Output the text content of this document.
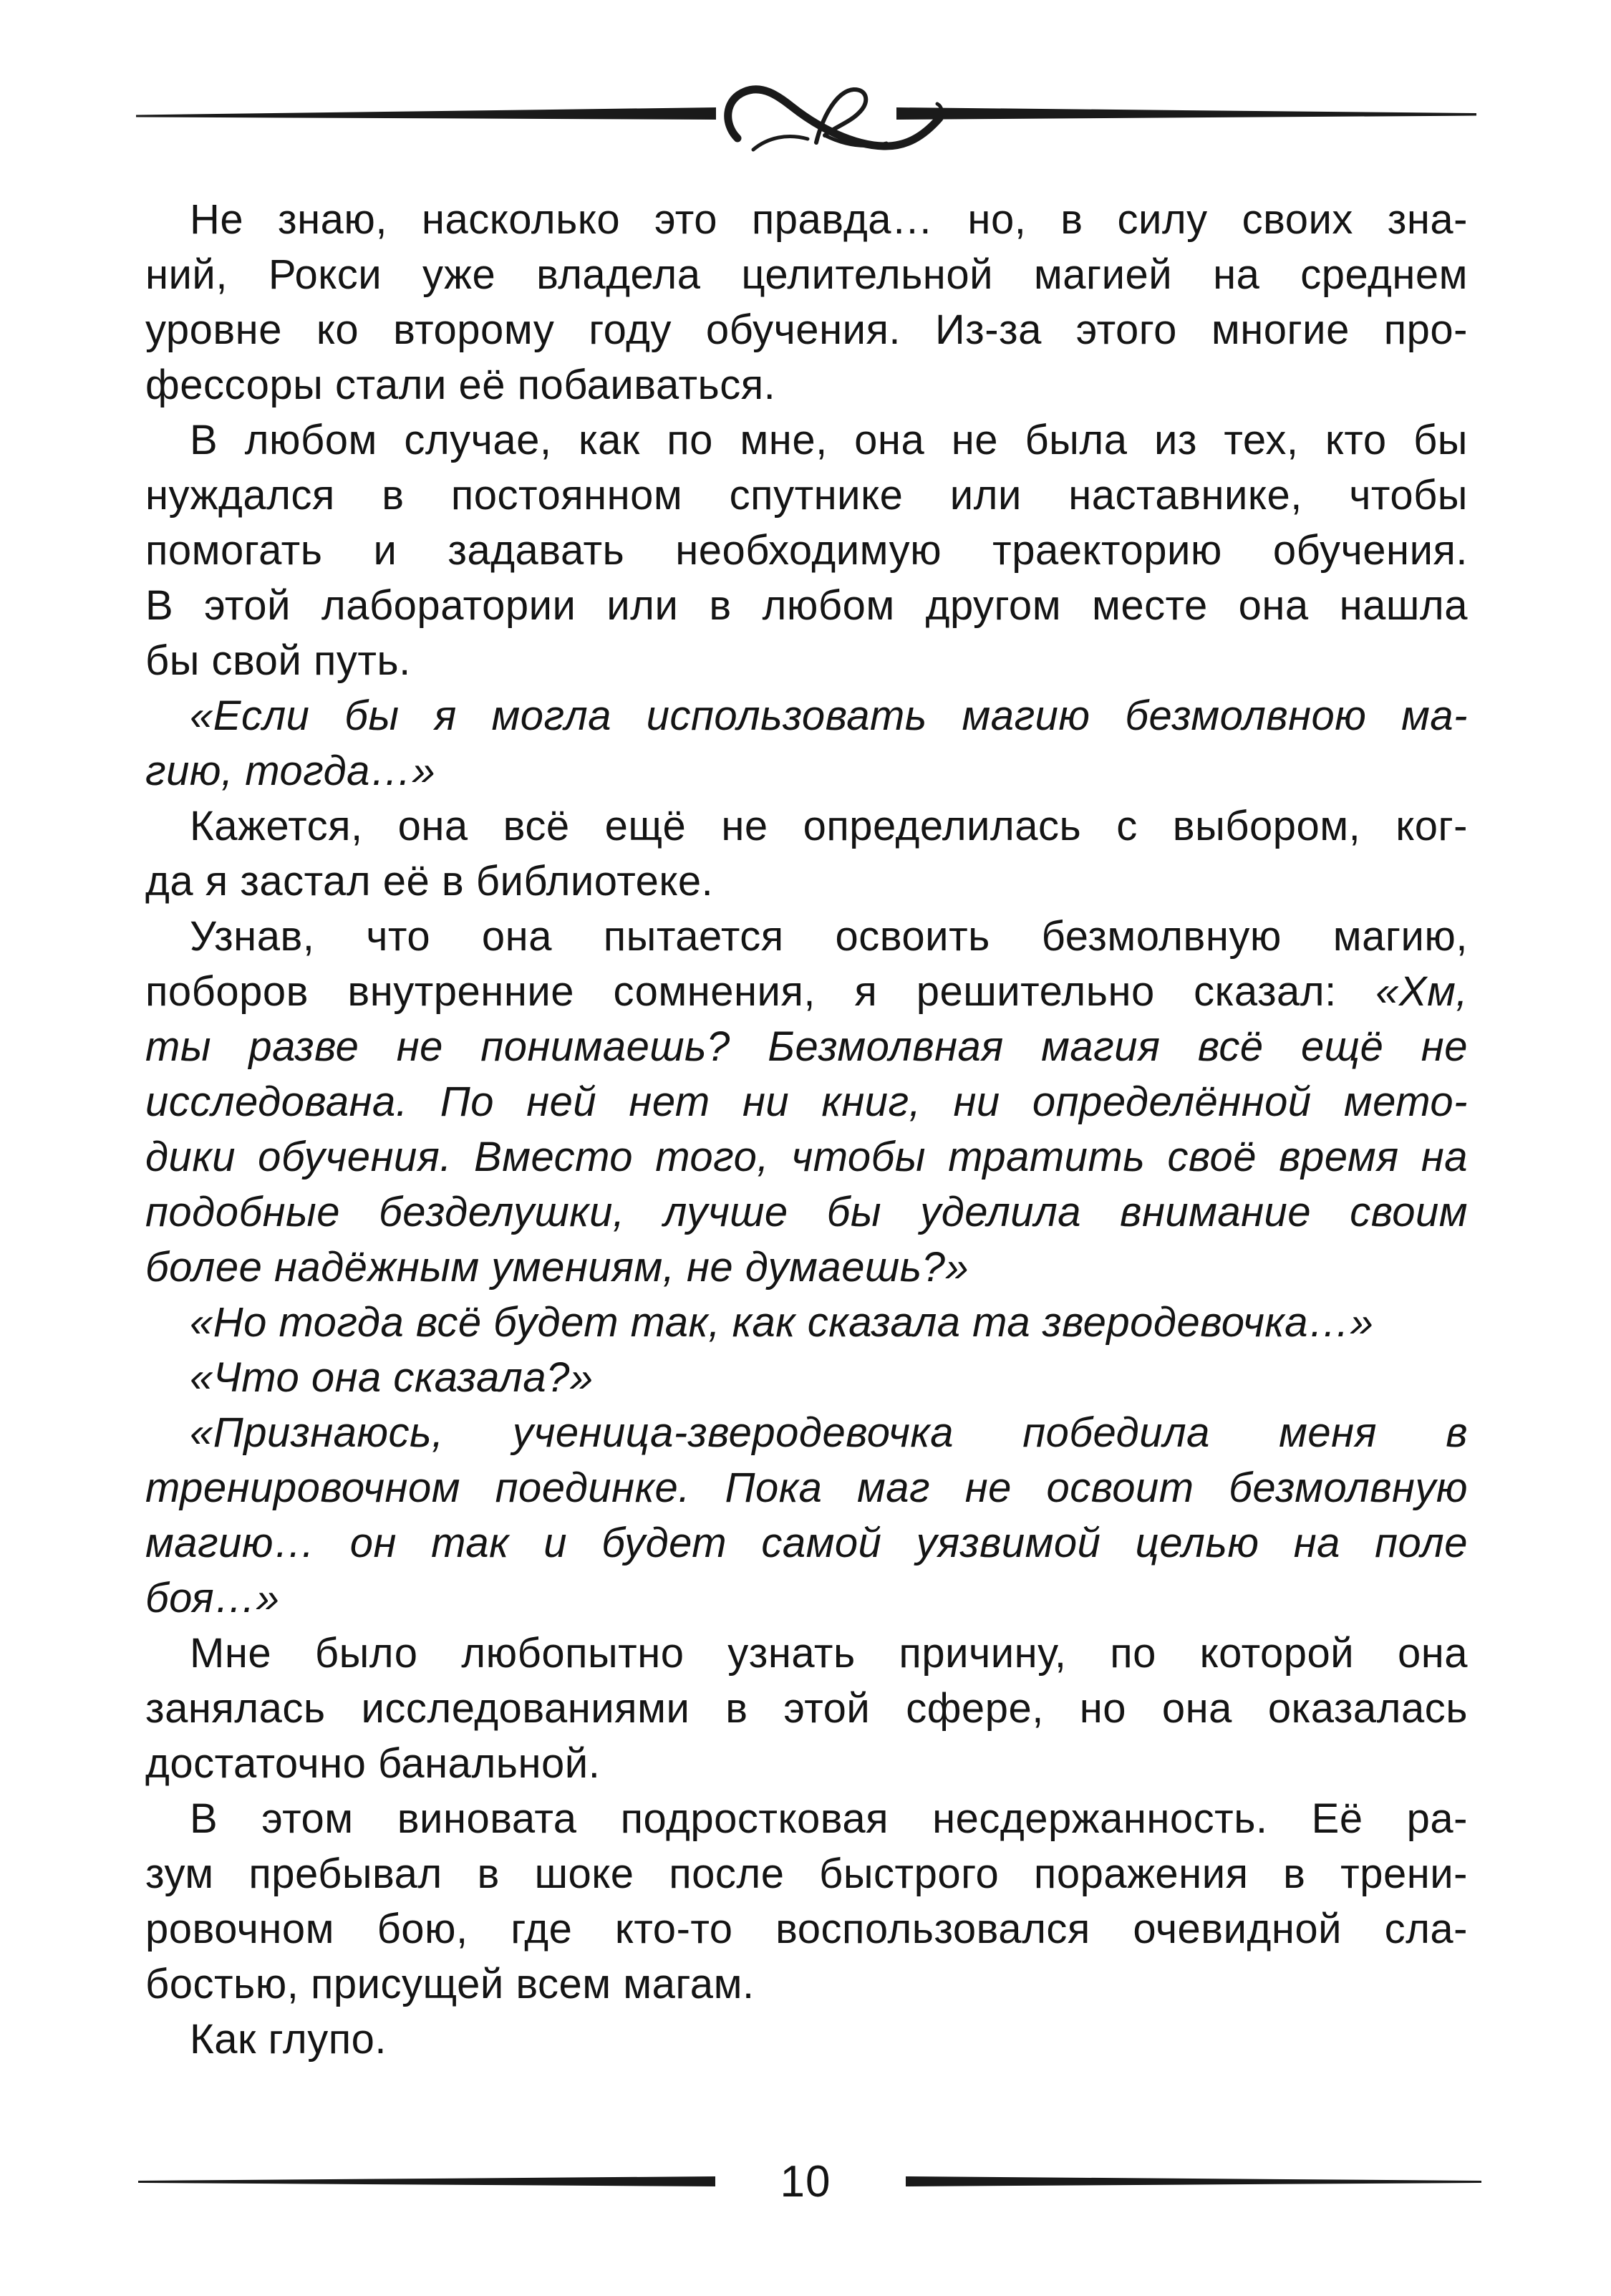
Не знаю, насколько это правда… но, в силу своих зна-
ний, Рокси уже владела целительной магией на среднем
уровне ко второму году обучения. Из-за этого многие про-
фессоры стали её побаиваться.
В любом случае, как по мне, она не была из тех, кто бы
нуждался в постоянном спутнике или наставнике, чтобы
помогать и задавать необходимую траекторию обучения.
В этой лаборатории или в любом другом месте она нашла
бы свой путь.
«Если бы я могла использовать магию безмолвною ма-
гию, тогда…»
Кажется, она всё ещё не определилась с выбором, ког-
да я застал её в библиотеке.
Узнав, что она пытается освоить безмолвную магию,
поборов внутренние сомнения, я решительно сказал: «Хм,
ты разве не понимаешь? Безмолвная магия всё ещё не
исследована. По ней нет ни книг, ни определённой мето-
дики обучения. Вместо того, чтобы тратить своё время на
подобные безделушки, лучше бы уделила внимание своим
более надёжным умениям, не думаешь?»
«Но тогда всё будет так, как сказала та зверодевочка…»
«Что она сказала?»
«Признаюсь, ученица-зверодевочка победила меня в
тренировочном поединке. Пока маг не освоит безмолвную
магию… он так и будет самой уязвимой целью на поле
боя…»
Мне было любопытно узнать причину, по которой она
занялась исследованиями в этой сфере, но она оказалась
достаточно банальной.
В этом виновата подростковая несдержанность. Её ра-
зум пребывал в шоке после быстрого поражения в трени-
ровочном бою, где кто-то воспользовался очевидной сла-
бостью, присущей всем магам.
Как глупо.
10
